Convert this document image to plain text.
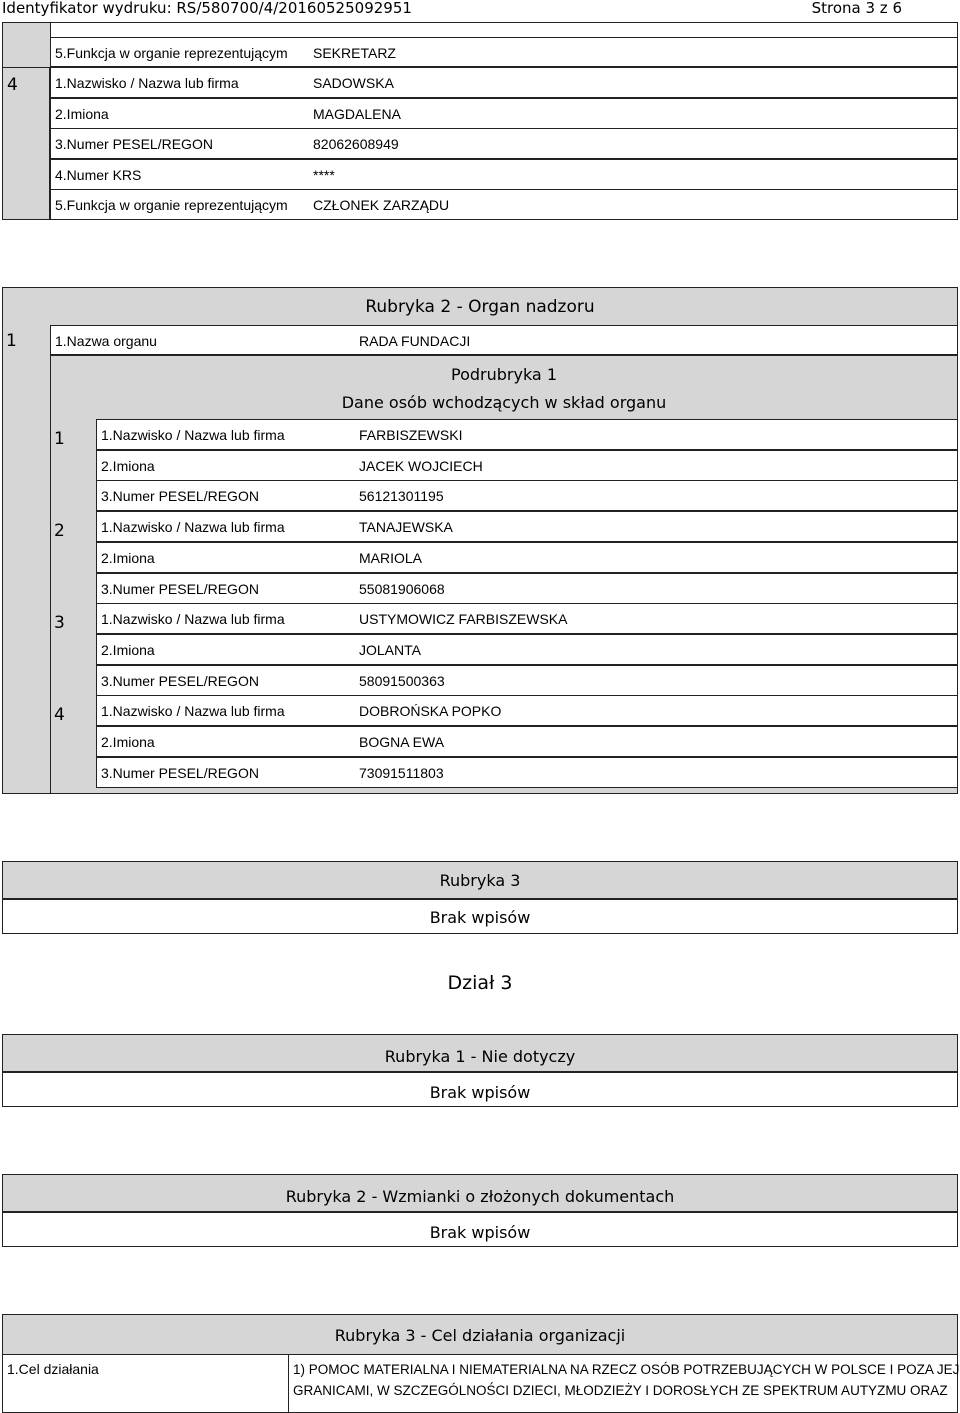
Identyfikator wydruku: RS/580700/4/20160525092951	Strona 3 z 6
5.Funkcja w organie reprezentującym SEKRETARZ
4	1.Nazwisko / Nazwa lub firma	SADOWSKA
2.Imiona	MAGDALENA
3.Numer PESEL/REGON	82062608949
4.Numer KRS	****
5.Funkcja w organie reprezentującym CZŁONEK ZARZĄDU
Rubryka 2 - Organ nadzoru
1	1.Nazwa organu	RADA FUNDACJI
Podrubryka 1
Dane osób wchodzących w skład organu
1	1.Nazwisko / Nazwa lub firma	FARBISZEWSKI
2.Imiona	JACEK WOJCIECH
3.Numer PESEL/REGON	56121301195
2	1.Nazwisko / Nazwa lub firma	TANAJEWSKA
2.Imiona	MARIOLA
3.Numer PESEL/REGON	55081906068
3	1.Nazwisko / Nazwa lub firma	USTYMOWICZ FARBISZEWSKA
2.Imiona	JOLANTA
3.Numer PESEL/REGON	58091500363
4	1.Nazwisko / Nazwa lub firma	DOBROŃSKA POPKO
2.Imiona	BOGNA EWA
3.Numer PESEL/REGON	73091511803
Rubryka 3
Brak wpisów
Dział 3
Rubryka 1 - Nie dotyczy
Brak wpisów
Rubryka 2 - Wzmianki o złożonych dokumentach
Brak wpisów
Rubryka 3 - Cel działania organizacji
1.Cel działania	1) POMOC MATERIALNA I NIEMATERIALNA NA RZECZ OSÓB POTRZEBUJĄCYCH W POLSCE I POZA JEJ
GRANICAMI, W SZCZEGÓLNOŚCI DZIECI, MŁODZIEŻY I DOROSŁYCH ZE SPEKTRUM AUTYZMU ORAZ
